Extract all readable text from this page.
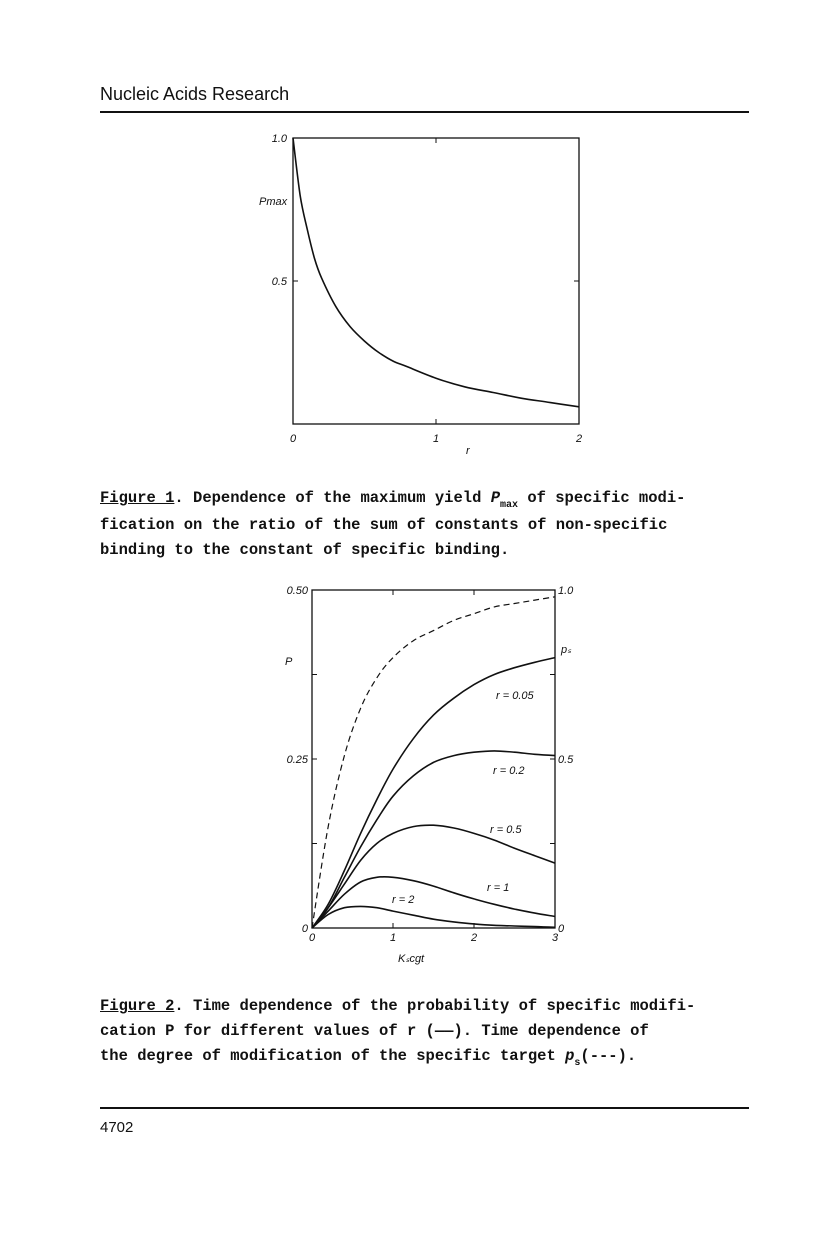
Nucleic Acids Research
0	1	2
0.5
1.0
Pmax
r
0	1	2	3
0
0.25
0.50
0
0.5
1.0
P
pₛ
Kₛcgt
r = 0.05
r = 0.2
r = 0.5
r = 1
r = 2
Figure 1. Dependence of the maximum yield $P_{max}$ of specific modi-
fication on the ratio of the sum of constants of non-specific
binding to the constant of specific binding.
Figure 2. Time dependence of the probability of specific modifi-
cation P for different values of r (——). Time dependence of
the degree of modification of the specific target $p_s(---)$.
4702
